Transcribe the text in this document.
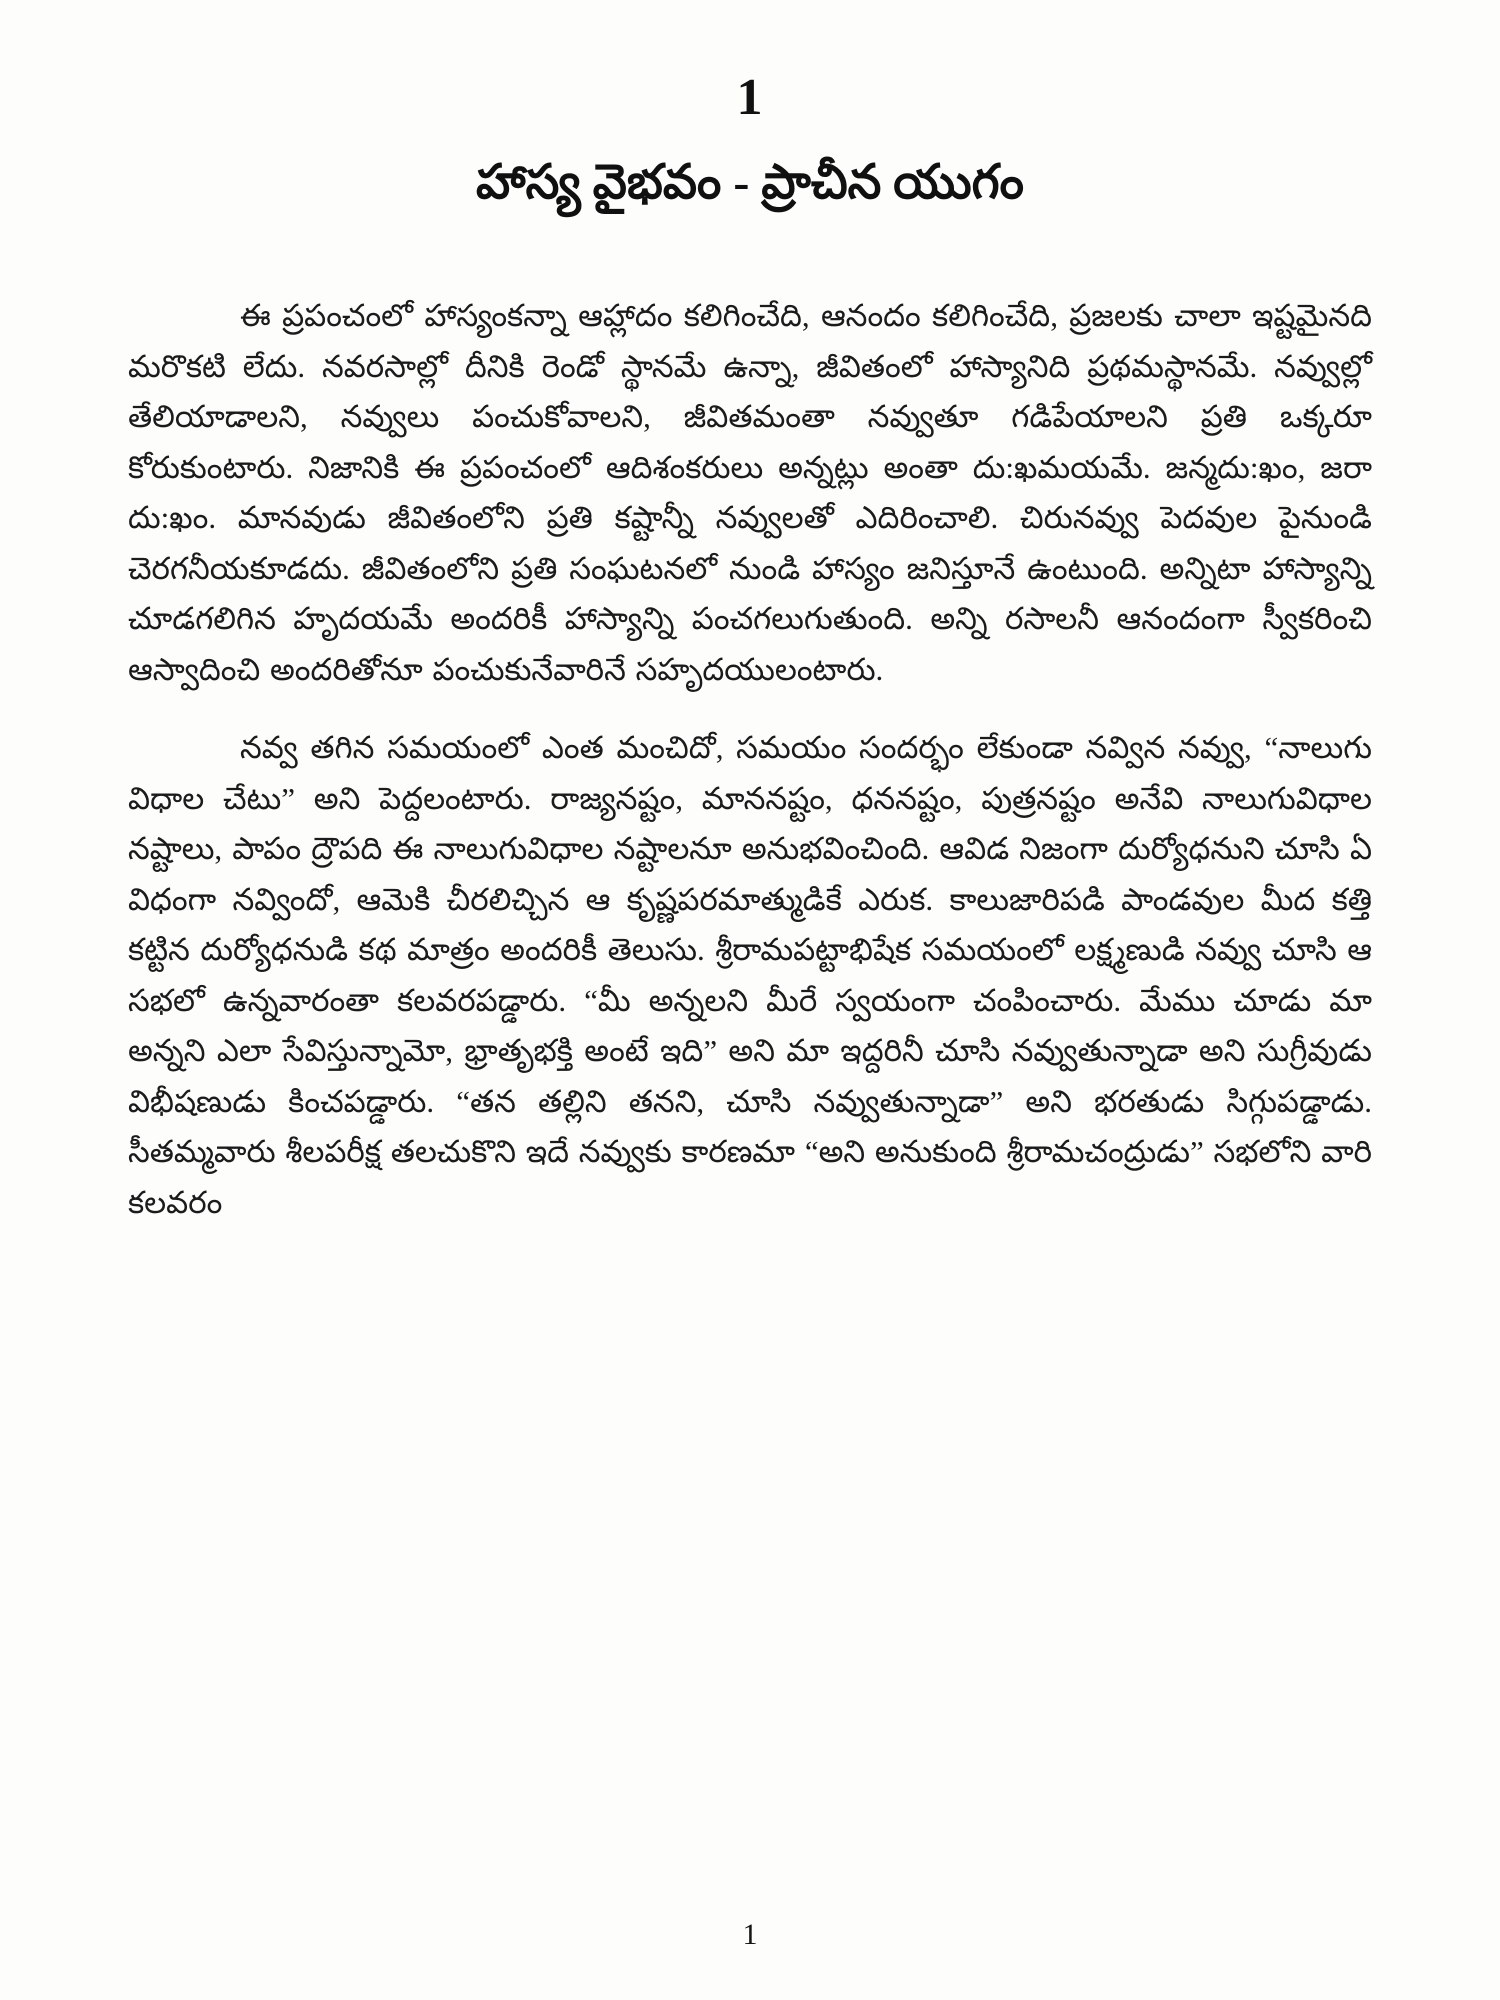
1
హాస్య వైభవం - ప్రాచీన యుగం

ఈ ప్రపంచంలో హాస్యంకన్నా ఆహ్లాదం కలిగించేది, ఆనందం కలిగించేది, ప్రజలకు చాలా ఇష్టమైనది మరొకటి లేదు. నవరసాల్లో దీనికి రెండో స్థానమే ఉన్నా, జీవితంలో హాస్యానిది ప్రథమస్థానమే. నవ్వుల్లో తేలియాడాలని, నవ్వులు పంచుకోవాలని, జీవితమంతా నవ్వుతూ గడిపేయాలని ప్రతి ఒక్కరూ కోరుకుంటారు. నిజానికి ఈ ప్రపంచంలో ఆదిశంకరులు అన్నట్లు అంతా దు:ఖమయమే. జన్మదు:ఖం, జరా దు:ఖం. మానవుడు జీవితంలోని ప్రతి కష్టాన్నీ నవ్వులతో ఎదిరించాలి. చిరునవ్వు పెదవుల పైనుండి చెరగనీయకూడదు. జీవితంలోని ప్రతి సంఘటనలో నుండి హాస్యం జనిస్తూనే ఉంటుంది. అన్నిటా హాస్యాన్ని చూడగలిగిన హృదయమే అందరికీ హాస్యాన్ని పంచగలుగుతుంది. అన్ని రసాలనీ ఆనందంగా స్వీకరించి ఆస్వాదించి అందరితోనూ పంచుకునేవారినే సహృదయులంటారు.

నవ్వ తగిన సమయంలో ఎంత మంచిదో, సమయం సందర్భం లేకుండా నవ్విన నవ్వు, “నాలుగు విధాల చేటు” అని పెద్దలంటారు. రాజ్యనష్టం, మాననష్టం, ధననష్టం, పుత్రనష్టం అనేవి నాలుగువిధాల నష్టాలు, పాపం ద్రౌపది ఈ నాలుగువిధాల నష్టాలనూ అనుభవించింది. ఆవిడ నిజంగా దుర్యోధనుని చూసి ఏ విధంగా నవ్విందో, ఆమెకి చీరలిచ్చిన ఆ కృష్ణపరమాత్ముడికే ఎరుక. కాలుజారిపడి పాండవుల మీద కత్తి కట్టిన దుర్యోధనుడి కథ మాత్రం అందరికీ తెలుసు. శ్రీరామపట్టాభిషేక సమయంలో లక్ష్మణుడి నవ్వు చూసి ఆ సభలో ఉన్నవారంతా కలవరపడ్డారు. “మీ అన్నలని మీరే స్వయంగా చంపించారు. మేము చూడు మా అన్నని ఎలా సేవిస్తున్నామో, భ్రాతృభక్తి అంటే ఇది” అని మా ఇద్దరినీ చూసి నవ్వుతున్నాడా అని సుగ్రీవుడు విభీషణుడు కించపడ్డారు. “తన తల్లిని తనని, చూసి నవ్వుతున్నాడా” అని భరతుడు సిగ్గుపడ్డాడు. సీతమ్మవారు శీలపరీక్ష తలచుకొని ఇదే నవ్వుకు కారణమా “అని అనుకుంది శ్రీరామచంద్రుడు” సభలోని వారి కలవరం

1
